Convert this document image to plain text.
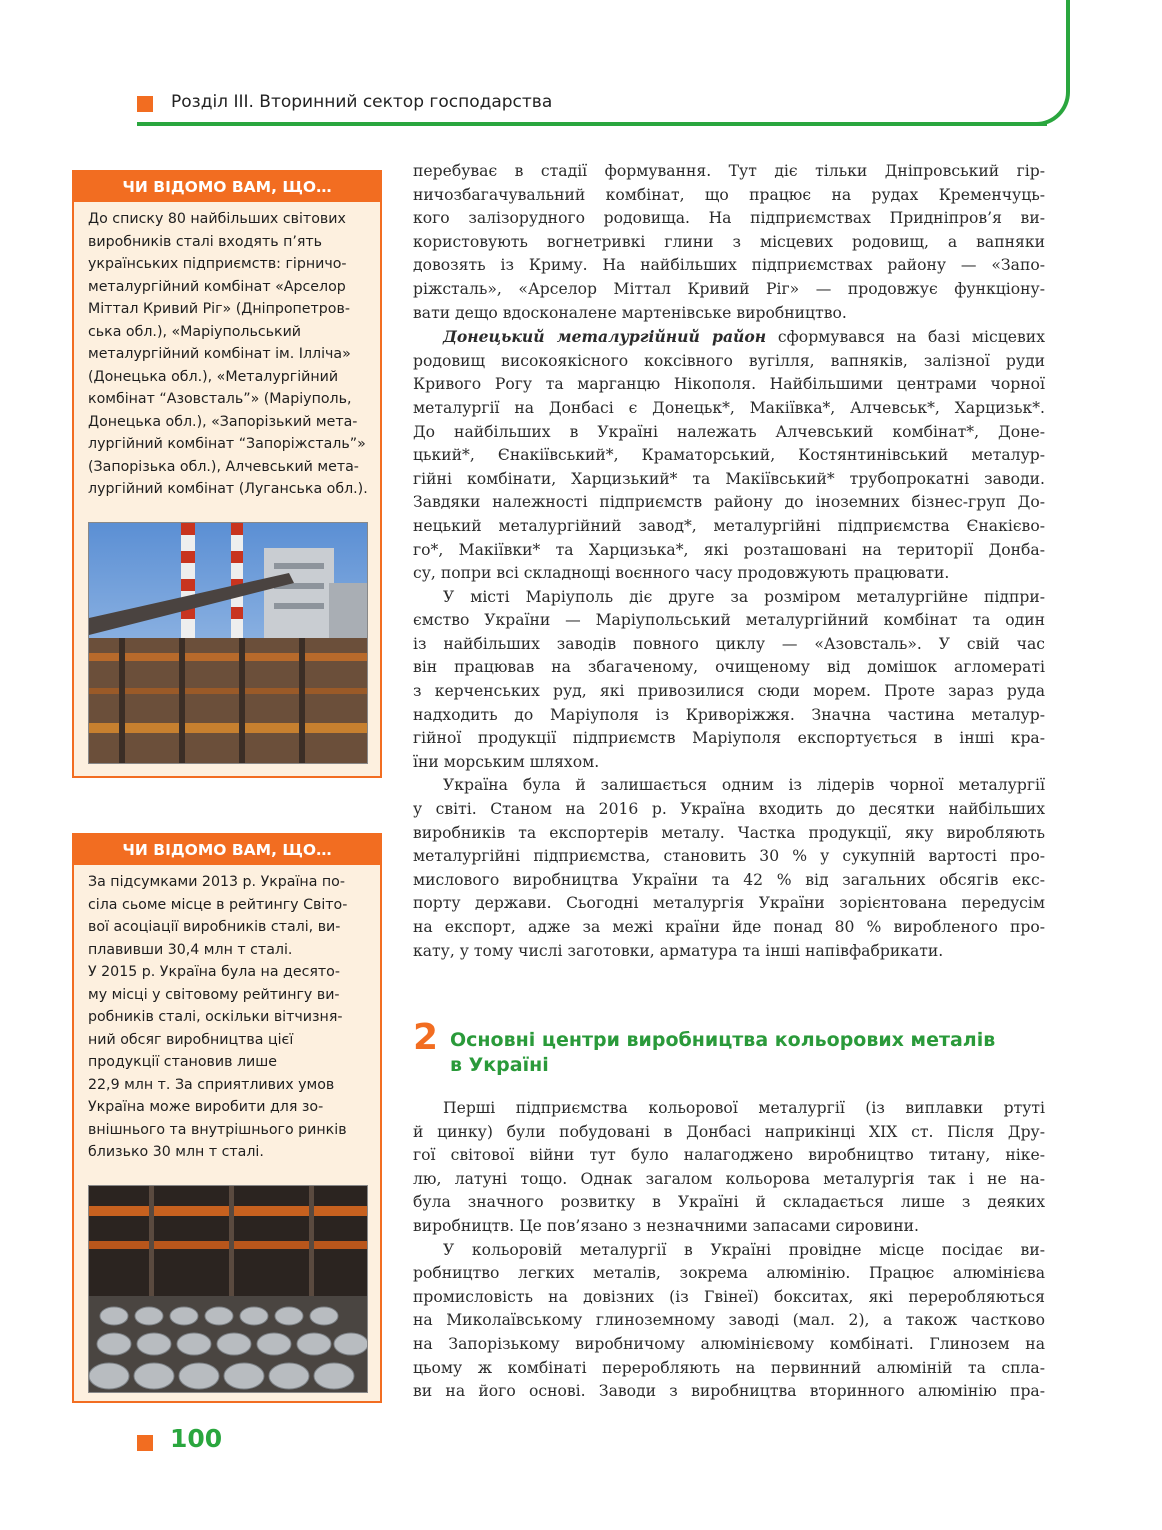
Розділ ІІІ. Вторинний сектор господарства
ЧИ ВІДОМО ВАМ, ЩО…

До списку 80 найбільших світових

виробників сталі входять п’ять

українських підприємств: гірничо-

металургійний комбінат «Арселор

Міттал Кривий Ріг» (Дніпропетров-

ська обл.), «Маріупольський

металургійний комбінат ім. Ілліча»

(Донецька обл.), «Металургійний

комбінат “Азовсталь”» (Маріуполь,

Донецька обл.), «Запорізький мета-

лургійний комбінат “Запоріжсталь”»

(Запорізька обл.), Алчевський мета-

лургійний комбінат (Луганська обл.).

ЧИ ВІДОМО ВАМ, ЩО…

За підсумками 2013 р. Україна по-

сіла сьоме місце в рейтингу Світо-

вої асоціації виробників сталі, ви-

плавивши 30,4 млн т сталі.

У 2015 р. Україна була на десято-

му місці у світовому рейтингу ви-

робників сталі, оскільки вітчизня-

ний обсяг виробництва цієї

продукції становив лише

22,9 млн т. За сприятливих умов

Україна може виробити для зо-

внішнього та внутрішнього ринків

близько 30 млн т сталі.

перебуває в стадії формування. Тут діє тільки Дніпровський гір-

ничозбагачувальний комбінат, що працює на рудах Кременчуць-

кого залізорудного родовища. На підприємствах Придніпров’я ви-

користовують вогнетривкі глини з місцевих родовищ, а вапняки

довозять із Криму. На найбільших підприємствах району — «Запо-

ріжсталь», «Арселор Міттал Кривий Ріг» — продовжує функціону-

вати дещо вдосконалене мартенівське виробництво.

Донецький металургійний район сформувався на базі місцевих

родовищ високоякісного коксівного вугілля, вапняків, залізної руди

Кривого Рогу та марганцю Нікополя. Найбільшими центрами чорної

металургії на Донбасі є Донецьк*, Макіївка*, Алчевськ*, Харцизьк*.

До найбільших в Україні належать Алчевський комбінат*, Доне-

цький*, Єнакіївський*, Краматорський, Костянтинівський металур-

гійні комбінати, Харцизький* та Макіївський* трубопрокатні заводи.

Завдяки належності підприємств району до іноземних бізнес-груп До-

нецький металургійний завод*, металургійні підприємства Єнакієво-

го*, Макіївки* та Харцизька*, які розташовані на території Донба-

су, попри всі складнощі воєнного часу продовжують працювати.

У місті Маріуполь діє друге за розміром металургійне підпри-

ємство України — Маріупольський металургійний комбінат та один

із найбільших заводів повного циклу — «Азовсталь». У свій час

він працював на збагаченому, очищеному від домішок агломераті

з керченських руд, які привозилися сюди морем. Проте зараз руда

надходить до Маріуполя із Криворіжжя. Значна частина металур-

гійної продукції підприємств Маріуполя експортується в інші кра-

їни морським шляхом.

Україна була й залишається одним із лідерів чорної металургії

у світі. Станом на 2016 р. Україна входить до десятки найбільших

виробників та експортерів металу. Частка продукції, яку виробляють

металургійні підприємства, становить 30 % у сукупній вартості про-

мислового виробництва України та 42 % від загальних обсягів екс-

порту держави. Сьогодні металургія України зорієнтована передусім

на експорт, адже за межі країни йде понад 80 % виробленого про-

кату, у тому числі заготовки, арматура та інші напівфабрикати.

2 Основні центри виробництва кольорових металів
в Україні

Перші підприємства кольорової металургії (із виплавки ртуті

й цинку) були побудовані в Донбасі наприкінці XIX ст. Після Дру-

гої світової війни тут було налагоджено виробництво титану, ніке-

лю, латуні тощо. Однак загалом кольорова металургія так і не на-

була значного розвитку в Україні й складається лише з деяких

виробництв. Це пов’язано з незначними запасами сировини.

У кольоровій металургії в Україні провідне місце посідає ви-

робництво легких металів, зокрема алюмінію. Працює алюмінієва

промисловість на довізних (із Гвінеї) бокситах, які переробляються

на Миколаївському глиноземному заводі (мал. 2), а також частково

на Запорізькому виробничому алюмінієвому комбінаті. Глинозем на

цьому ж комбінаті переробляють на первинний алюміній та спла-

ви на його основі. Заводи з виробництва вторинного алюмінію пра-

100
